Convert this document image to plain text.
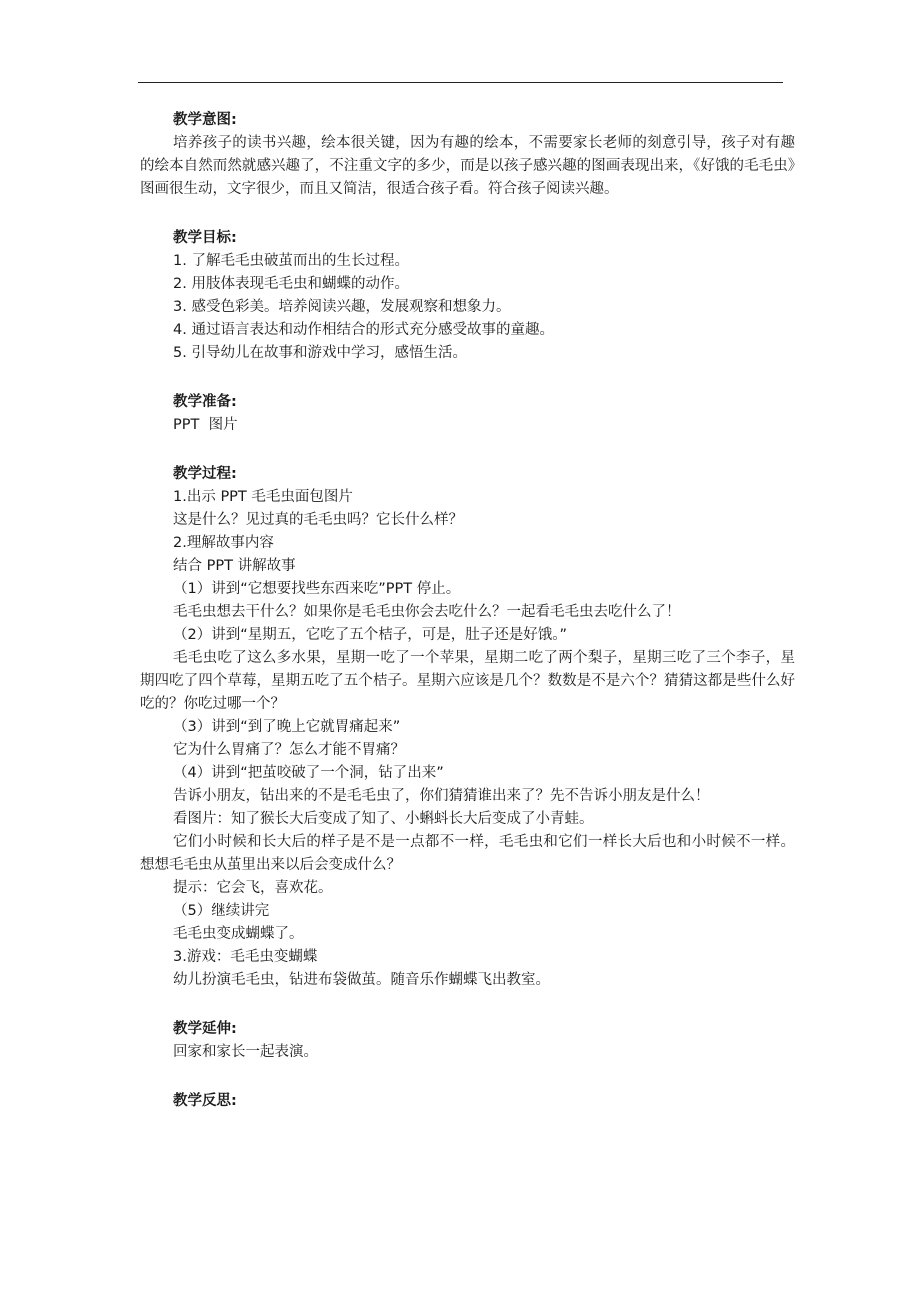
教学意图:

培养孩子的读书兴趣，绘本很关键，因为有趣的绘本，不需要家长老师的刻意引导，孩子对有趣的绘本自然而然就感兴趣了，不注重文字的多少，而是以孩子感兴趣的图画表现出来，《好饿的毛毛虫》图画很生动，文字很少，而且又简洁，很适合孩子看。符合孩子阅读兴趣。

教学目标:

1. 了解毛毛虫破茧而出的生长过程。

2. 用肢体表现毛毛虫和蝴蝶的动作。

3. 感受色彩美。培养阅读兴趣，发展观察和想象力。

4. 通过语言表达和动作相结合的形式充分感受故事的童趣。

5. 引导幼儿在故事和游戏中学习，感悟生活。

教学准备:

PPT  图片

教学过程:

1.出示 PPT 毛毛虫面包图片

这是什么？见过真的毛毛虫吗？它长什么样？

2.理解故事内容

结合 PPT 讲解故事

（1）讲到“它想要找些东西来吃”PPT 停止。

毛毛虫想去干什么？如果你是毛毛虫你会去吃什么？一起看毛毛虫去吃什么了！

（2）讲到“星期五，它吃了五个桔子，可是，肚子还是好饿。”

毛毛虫吃了这么多水果，星期一吃了一个苹果，星期二吃了两个梨子，星期三吃了三个李子，星期四吃了四个草莓，星期五吃了五个桔子。星期六应该是几个？数数是不是六个？猜猜这都是些什么好吃的？你吃过哪一个？

（3）讲到“到了晚上它就胃痛起来”

它为什么胃痛了？怎么才能不胃痛？

（4）讲到“把茧咬破了一个洞，钻了出来”

告诉小朋友，钻出来的不是毛毛虫了，你们猜猜谁出来了？先不告诉小朋友是什么！

看图片：知了猴长大后变成了知了、小蝌蚪长大后变成了小青蛙。

它们小时候和长大后的样子是不是一点都不一样，毛毛虫和它们一样长大后也和小时候不一样。想想毛毛虫从茧里出来以后会变成什么？

提示：它会飞，喜欢花。

（5）继续讲完

毛毛虫变成蝴蝶了。

3.游戏：毛毛虫变蝴蝶

幼儿扮演毛毛虫，钻进布袋做茧。随音乐作蝴蝶飞出教室。

教学延伸:

回家和家长一起表演。

教学反思:
